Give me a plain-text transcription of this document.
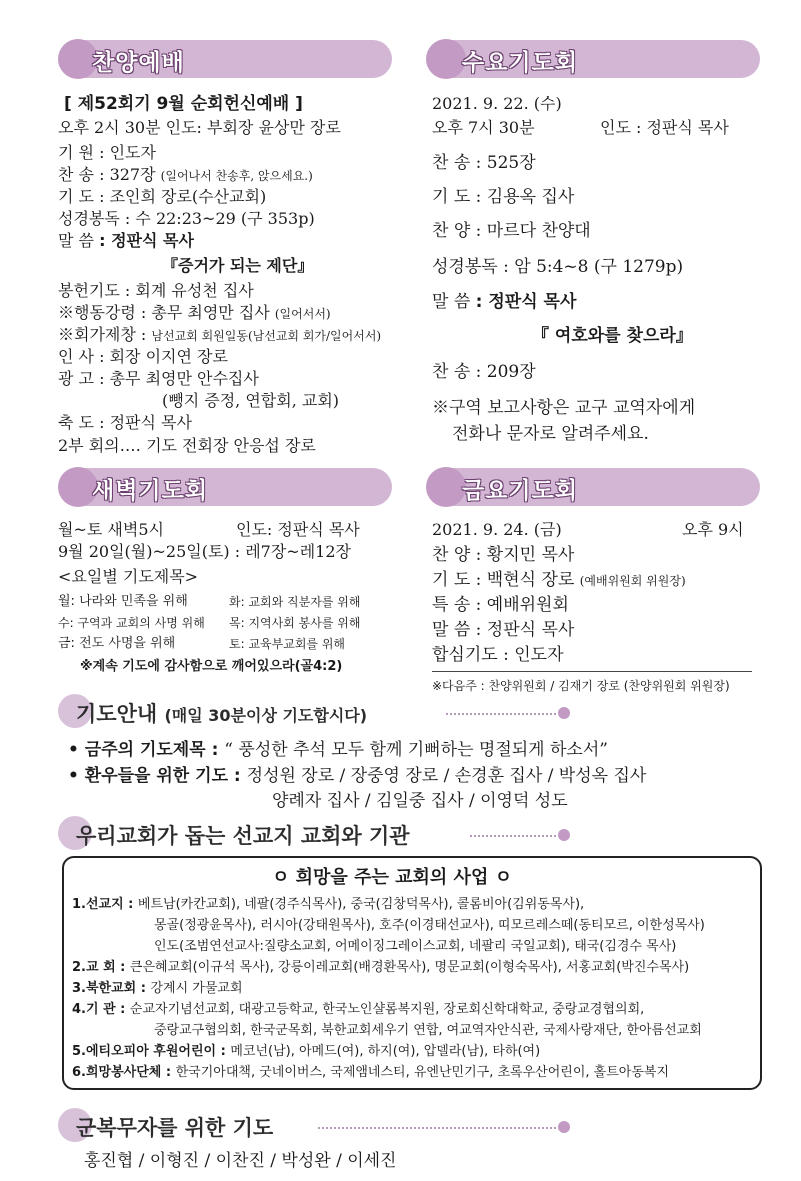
찬양예배
[ 제52회기 9월 순회헌신예배 ]
오후 2시 30분 인도: 부회장 윤상만 장로
기 원 : 인도자
찬 송 : 327장 (일어나서 찬송후, 앉으세요.)
기 도 : 조인희 장로(수산교회)
성경봉독 : 수 22:23~29 (구 353p)
말 씀 : 정판식 목사
『증거가 되는 제단』
봉헌기도 : 회계 유성천 집사
※행동강령 : 총무 최영만 집사 (일어서서)
※회가제창 : 남선교회 회원일동(남선교회 회가/일어서서)
인 사 : 회장 이지연 장로
광 고 : 총무 최영만 안수집사
(뺑지 증정, 연합회, 교회)
축 도 : 정판식 목사
2부 회의‥‥ 기도 전회장 안응섭 장로
수요기도회
2021. 9. 22. (수)
오후 7시 30분	인도 : 정판식 목사
찬 송 : 525장
기 도 : 김용옥 집사
찬 양 : 마르다 찬양대
성경봉독 : 암 5:4~8 (구 1279p)
말 씀 : 정판식 목사
『 여호와를 찾으라』
찬 송 : 209장
※구역 보고사항은 교구 교역자에게
전화나 문자로 알려주세요.
새벽기도회
월~토 새벽5시	인도: 정판식 목사
9월 20일(월)~25일(토) : 레7장~레12장
<요일별 기도제목>
월: 나라와 민족을 위해	화: 교회와 직분자를 위해
수: 구역과 교회의 사명 위해 목: 지역사회 봉사를 위해
금: 전도 사명을 위해	토: 교육부교회를 위해
※계속 기도에 감사함으로 깨어있으라(골4:2)
금요기도회
2021. 9. 24. (금)	오후 9시
찬 양 : 황지민 목사
기 도 : 백현식 장로 (예배위원회 위원장)
특 송 : 예배위원회
말 씀 : 정판식 목사
합심기도 : 인도자
※다음주 : 찬양위원회 / 김재기 장로 (찬양위원회 위원장)
기도안내 (매일 30분이상 기도합시다)
• 금주의 기도제목 : “ 풍성한 추석 모두 함께 기뻐하는 명절되게 하소서”
• 환우들을 위한 기도 : 정성원 장로 / 장중영 장로 / 손경훈 집사 / 박성옥 집사
양례자 집사 / 김일중 집사 / 이영덕 성도
우리교회가 돕는 선교지 교회와 기관
ㅇ 희망을 주는 교회의 사업 ㅇ
1.선교지 : 베트남(카칸교회), 네팔(경주식목사), 중국(김창덕목사), 콜롬비아(김위동목사),
몽골(정광윤목사), 러시아(강태원목사), 호주(이경태선교사), 띠모르레스떼(동티모르, 이한성목사)
인도(조범연선교사:질량소교회, 어메이징그레이스교회, 네팔리 국일교회), 태국(김경수 목사)
2.교 회 : 큰은혜교회(이규석 목사), 강릉이레교회(배경환목사), 명문교회(이형숙목사), 서홍교회(박진수목사)
3.북한교회 : 강계시 가물교회
4.기 관 : 순교자기념선교회, 대광고등학교, 한국노인샬롬복지원, 장로회신학대학교, 중랑교경협의회,
중랑교구협의회, 한국군목회, 북한교회세우기 연합, 여교역자안식관, 국제사랑재단, 한아름선교회
5.에티오피아 후원어린이 : 메코넌(남), 아메드(여), 하지(여), 압델라(남), 타하(여)
6.희망봉사단체 : 한국기아대책, 굿네이버스, 국제앰네스티, 유엔난민기구, 초록우산어린이, 홀트아동복지
군복무자를 위한 기도
홍진협 / 이형진 / 이찬진 / 박성완 / 이세진
